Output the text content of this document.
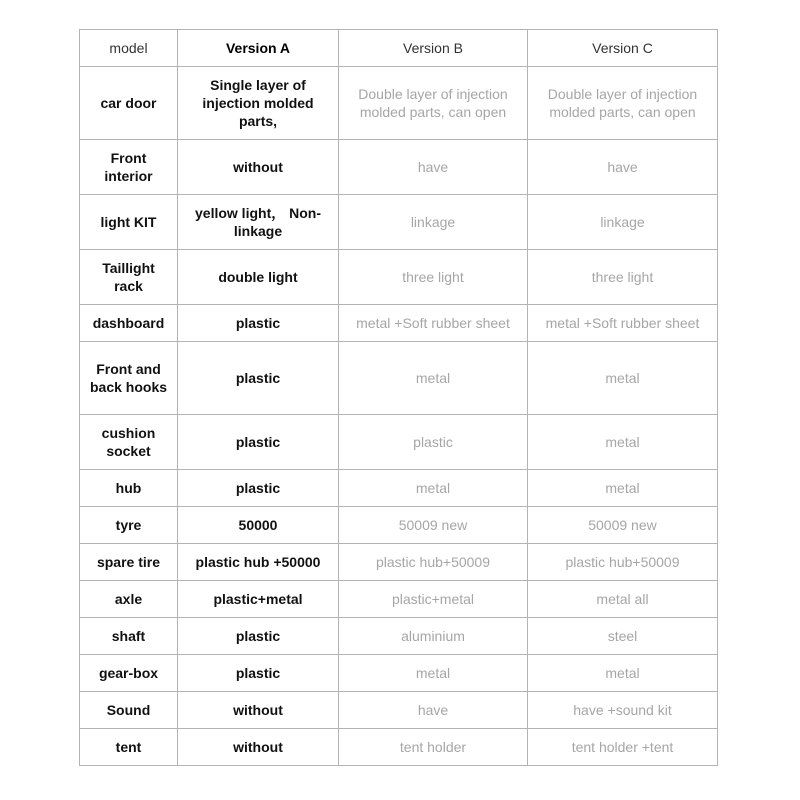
model	Version A	Version B	Version C
car door	Single layer of injection molded parts,	Double layer of injection molded parts, can open	Double layer of injection molded parts, can open
Front interior	without	have	have
light KIT	yellow light， Non-linkage	linkage	linkage
Taillight rack	double light	three light	three light
dashboard	plastic	metal +Soft rubber sheet	metal +Soft rubber sheet
Front and back hooks	plastic	metal	metal
cushion socket	plastic	plastic	metal
hub	plastic	metal	metal
tyre	50000	50009 new	50009 new
spare tire	plastic hub +50000	plastic hub+50009	plastic hub+50009
axle	plastic+metal	plastic+metal	metal all
shaft	plastic	aluminium	steel
gear-box	plastic	metal	metal
Sound	without	have	have +sound kit
tent	without	tent holder	tent holder +tent
